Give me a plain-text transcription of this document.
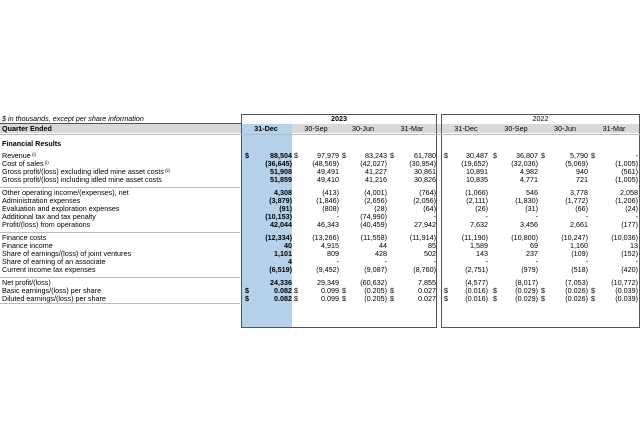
$ in thousands, except per share information	2023	2022
Quarter Ended	31-Dec	30-Sep	30-Jun	31-Mar	31-Dec	30-Sep	30-Jun	31-Mar
Financial Results
Revenue $^{(i)}$	$	88,504 $	97,979 $	83,243 $	61,780 $	30,487 $	36,807 $	5,790 $	-
Cost of sales $^{(i)}$	(36,645)	(48,569)	(42,027)	(30,954)	(19,652)	(32,036)	(5,069)	(1,005)
Gross profit/(loss) excluding idled mine asset costs $^{(ii)}$	51,908	49,491	41,227	30,861	10,891	4,982	940	(561)
Gross profit/(loss) including idled mine asset costs	51,859	49,410	41,216	30,826	10,835	4,771	721	(1,005)
Other operating income/(expenses), net	4,308	(413)	(4,001)	(764)	(1,066)	546	3,778	2,058
Administration expenses	(3,879)	(1,846)	(2,656)	(2,056)	(2,111)	(1,830)	(1,772)	(1,206)
Evaluation and exploration expenses	(91)	(808)	(28)	(64)	(26)	(31)	(66)	(24)
Additional tax and tax penalty	(10,153)	-	(74,990)	-	-	-	-	-
Profit/(loss) from operations	42,044	46,343	(40,459)	27,942	7,632	3,456	2,661	(177)
Finance costs	(12,334)	(13,266)	(11,558)	(11,914)	(11,190)	(10,800)	(10,247)	(10,036)
Finance income	40	4,915	44	85	1,589	69	1,160	13
Share of earnings/(loss) of joint ventures	1,101	809	428	502	143	237	(109)	(152)
Share of earning of an associate	4	-	-	-	-	-	-	-
Current income tax expenses	(6,519)	(9,452)	(9,087)	(8,760)	(2,751)	(979)	(518)	(420)
Net profit/(loss)	24,336	29,349	(60,632)	7,855	(4,577)	(8,017)	(7,053)	(10,772)
Basic earnings/(loss) per share	$	0.082 $	0.099 $	(0.205) $	0.027 $	(0.016) $	(0.029) $	(0.026) $	(0.039)
Diluted earnings/(loss) per share	$	0.082 $	0.099 $	(0.205) $	0.027 $	(0.016) $	(0.029) $	(0.026) $	(0.039)
